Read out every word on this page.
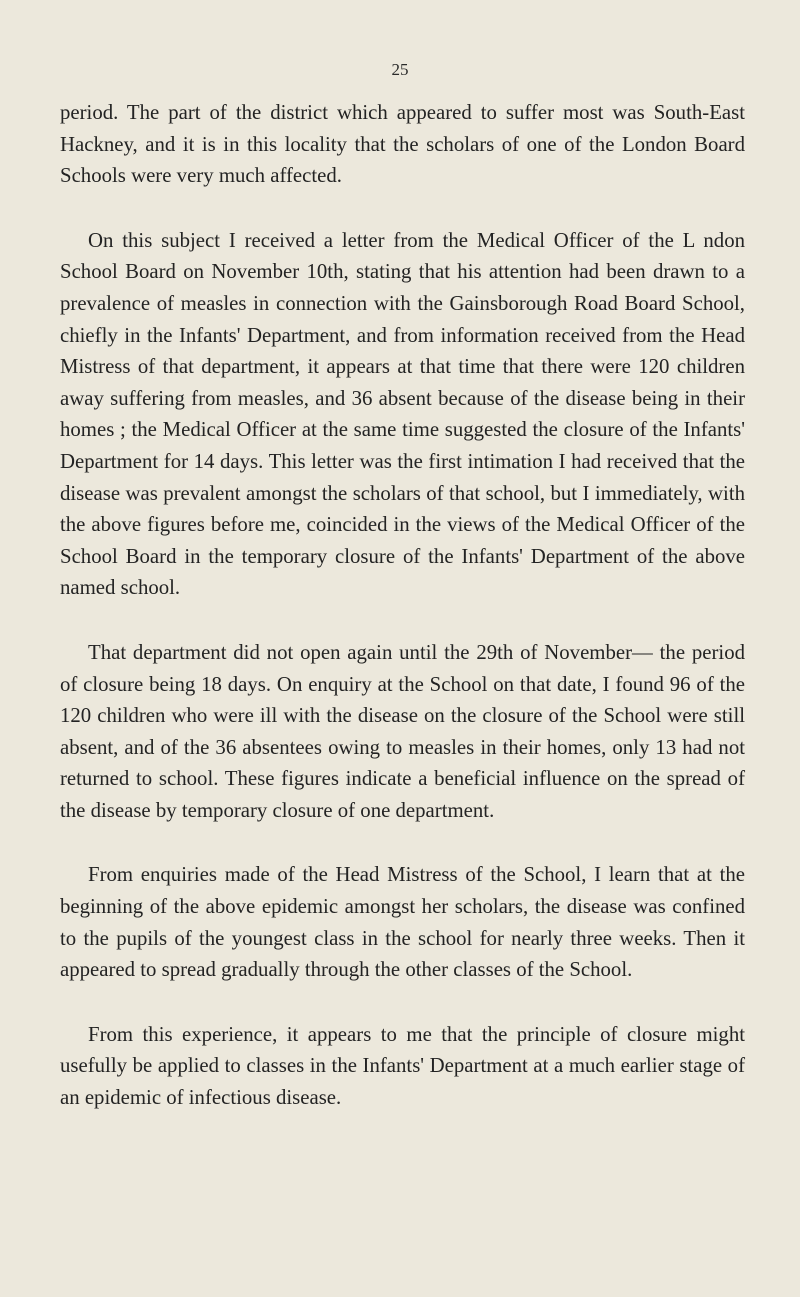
25

period. The part of the district which appeared to suffer most was South-East Hackney, and it is in this locality that the scholars of one of the London Board Schools were very much affected.

On this subject I received a letter from the Medical Officer of the L ndon School Board on November 10th, stating that his attention had been drawn to a prevalence of measles in connection with the Gainsborough Road Board School, chiefly in the Infants' Department, and from information received from the Head Mistress of that department, it appears at that time that there were 120 children away suffering from measles, and 36 absent because of the disease being in their homes ; the Medical Officer at the same time suggested the closure of the Infants' Department for 14 days. This letter was the first intimation I had received that the disease was prevalent amongst the scholars of that school, but I immediately, with the above figures before me, coincided in the views of the Medical Officer of the School Board in the temporary closure of the Infants' Department of the above named school.

That department did not open again until the 29th of November— the period of closure being 18 days. On enquiry at the School on that date, I found 96 of the 120 children who were ill with the disease on the closure of the School were still absent, and of the 36 absentees owing to measles in their homes, only 13 had not returned to school. These figures indicate a beneficial influence on the spread of the disease by temporary closure of one department.

From enquiries made of the Head Mistress of the School, I learn that at the beginning of the above epidemic amongst her scholars, the disease was confined to the pupils of the youngest class in the school for nearly three weeks. Then it appeared to spread gradually through the other classes of the School.

From this experience, it appears to me that the principle of closure might usefully be applied to classes in the Infants' Department at a much earlier stage of an epidemic of infectious disease.
